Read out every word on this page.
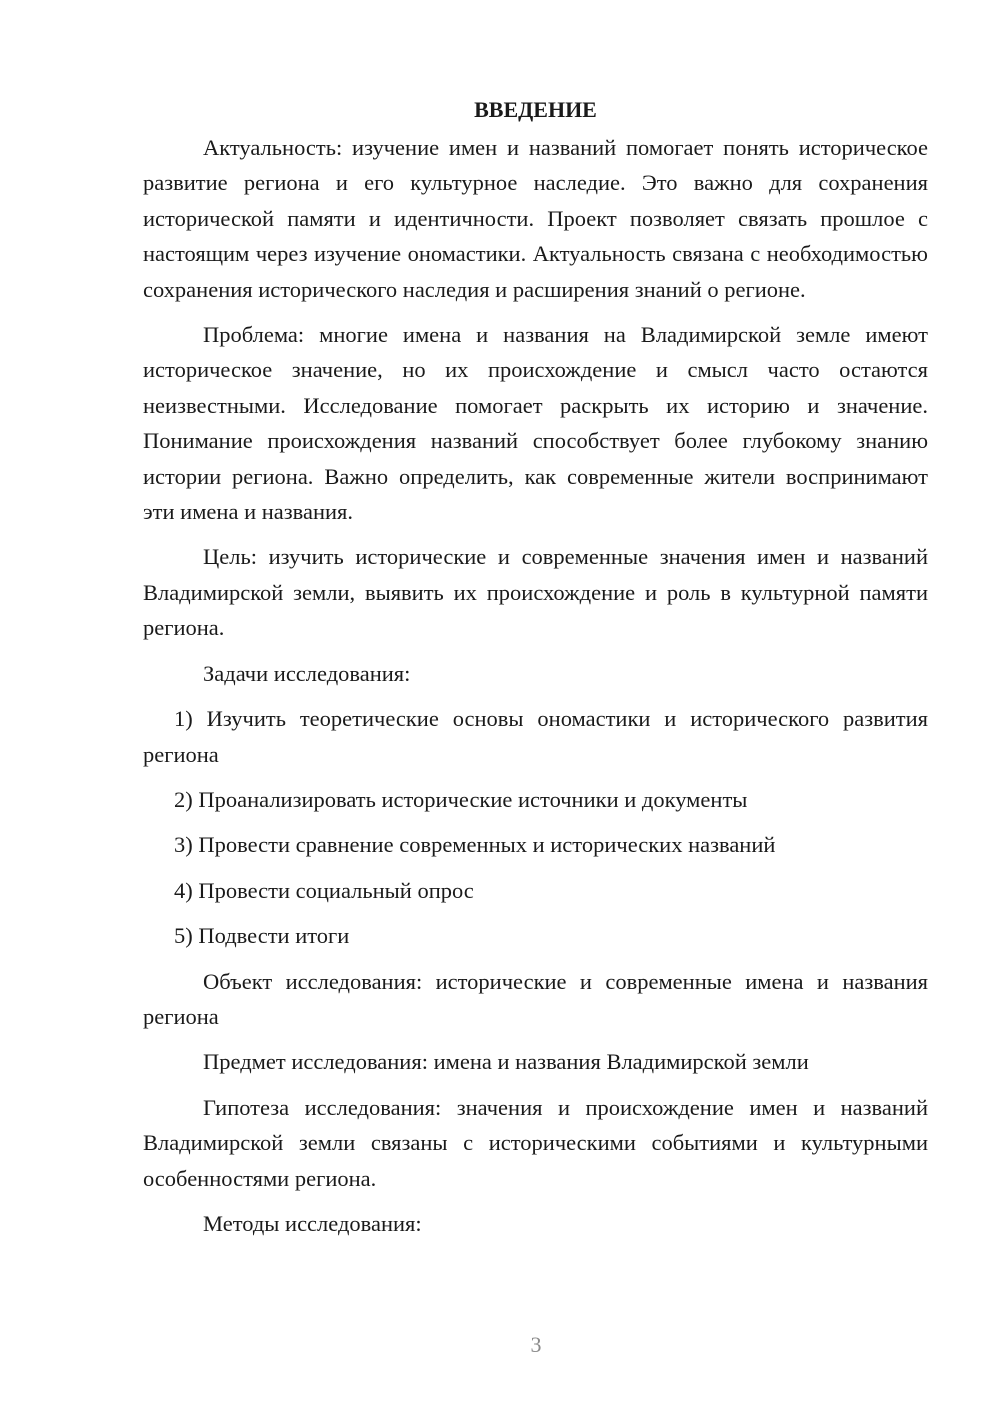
ВВЕДЕНИЕ

Актуальность: изучение имен и названий помогает понять историческое развитие региона и его культурное наследие. Это важно для сохранения исторической памяти и идентичности. Проект позволяет связать прошлое с настоящим через изучение ономастики. Актуальность связана с необходимостью сохранения исторического наследия и расширения знаний о регионе.

Проблема: многие имена и названия на Владимирской земле имеют историческое значение, но их происхождение и смысл часто остаются неизвестными. Исследование помогает раскрыть их историю и значение. Понимание происхождения названий способствует более глубокому знанию истории региона. Важно определить, как современные жители воспринимают эти имена и названия.

Цель: изучить исторические и современные значения имен и названий Владимирской земли, выявить их происхождение и роль в культурной памяти региона.

Задачи исследования:

1) Изучить теоретические основы ономастики и исторического развития региона

2) Проанализировать исторические источники и документы

3) Провести сравнение современных и исторических названий

4) Провести социальный опрос

5) Подвести итоги

Объект исследования: исторические и современные имена и названия региона

Предмет исследования: имена и названия Владимирской земли

Гипотеза исследования: значения и происхождение имен и названий Владимирской земли связаны с историческими событиями и культурными особенностями региона.

Методы исследования:

3
